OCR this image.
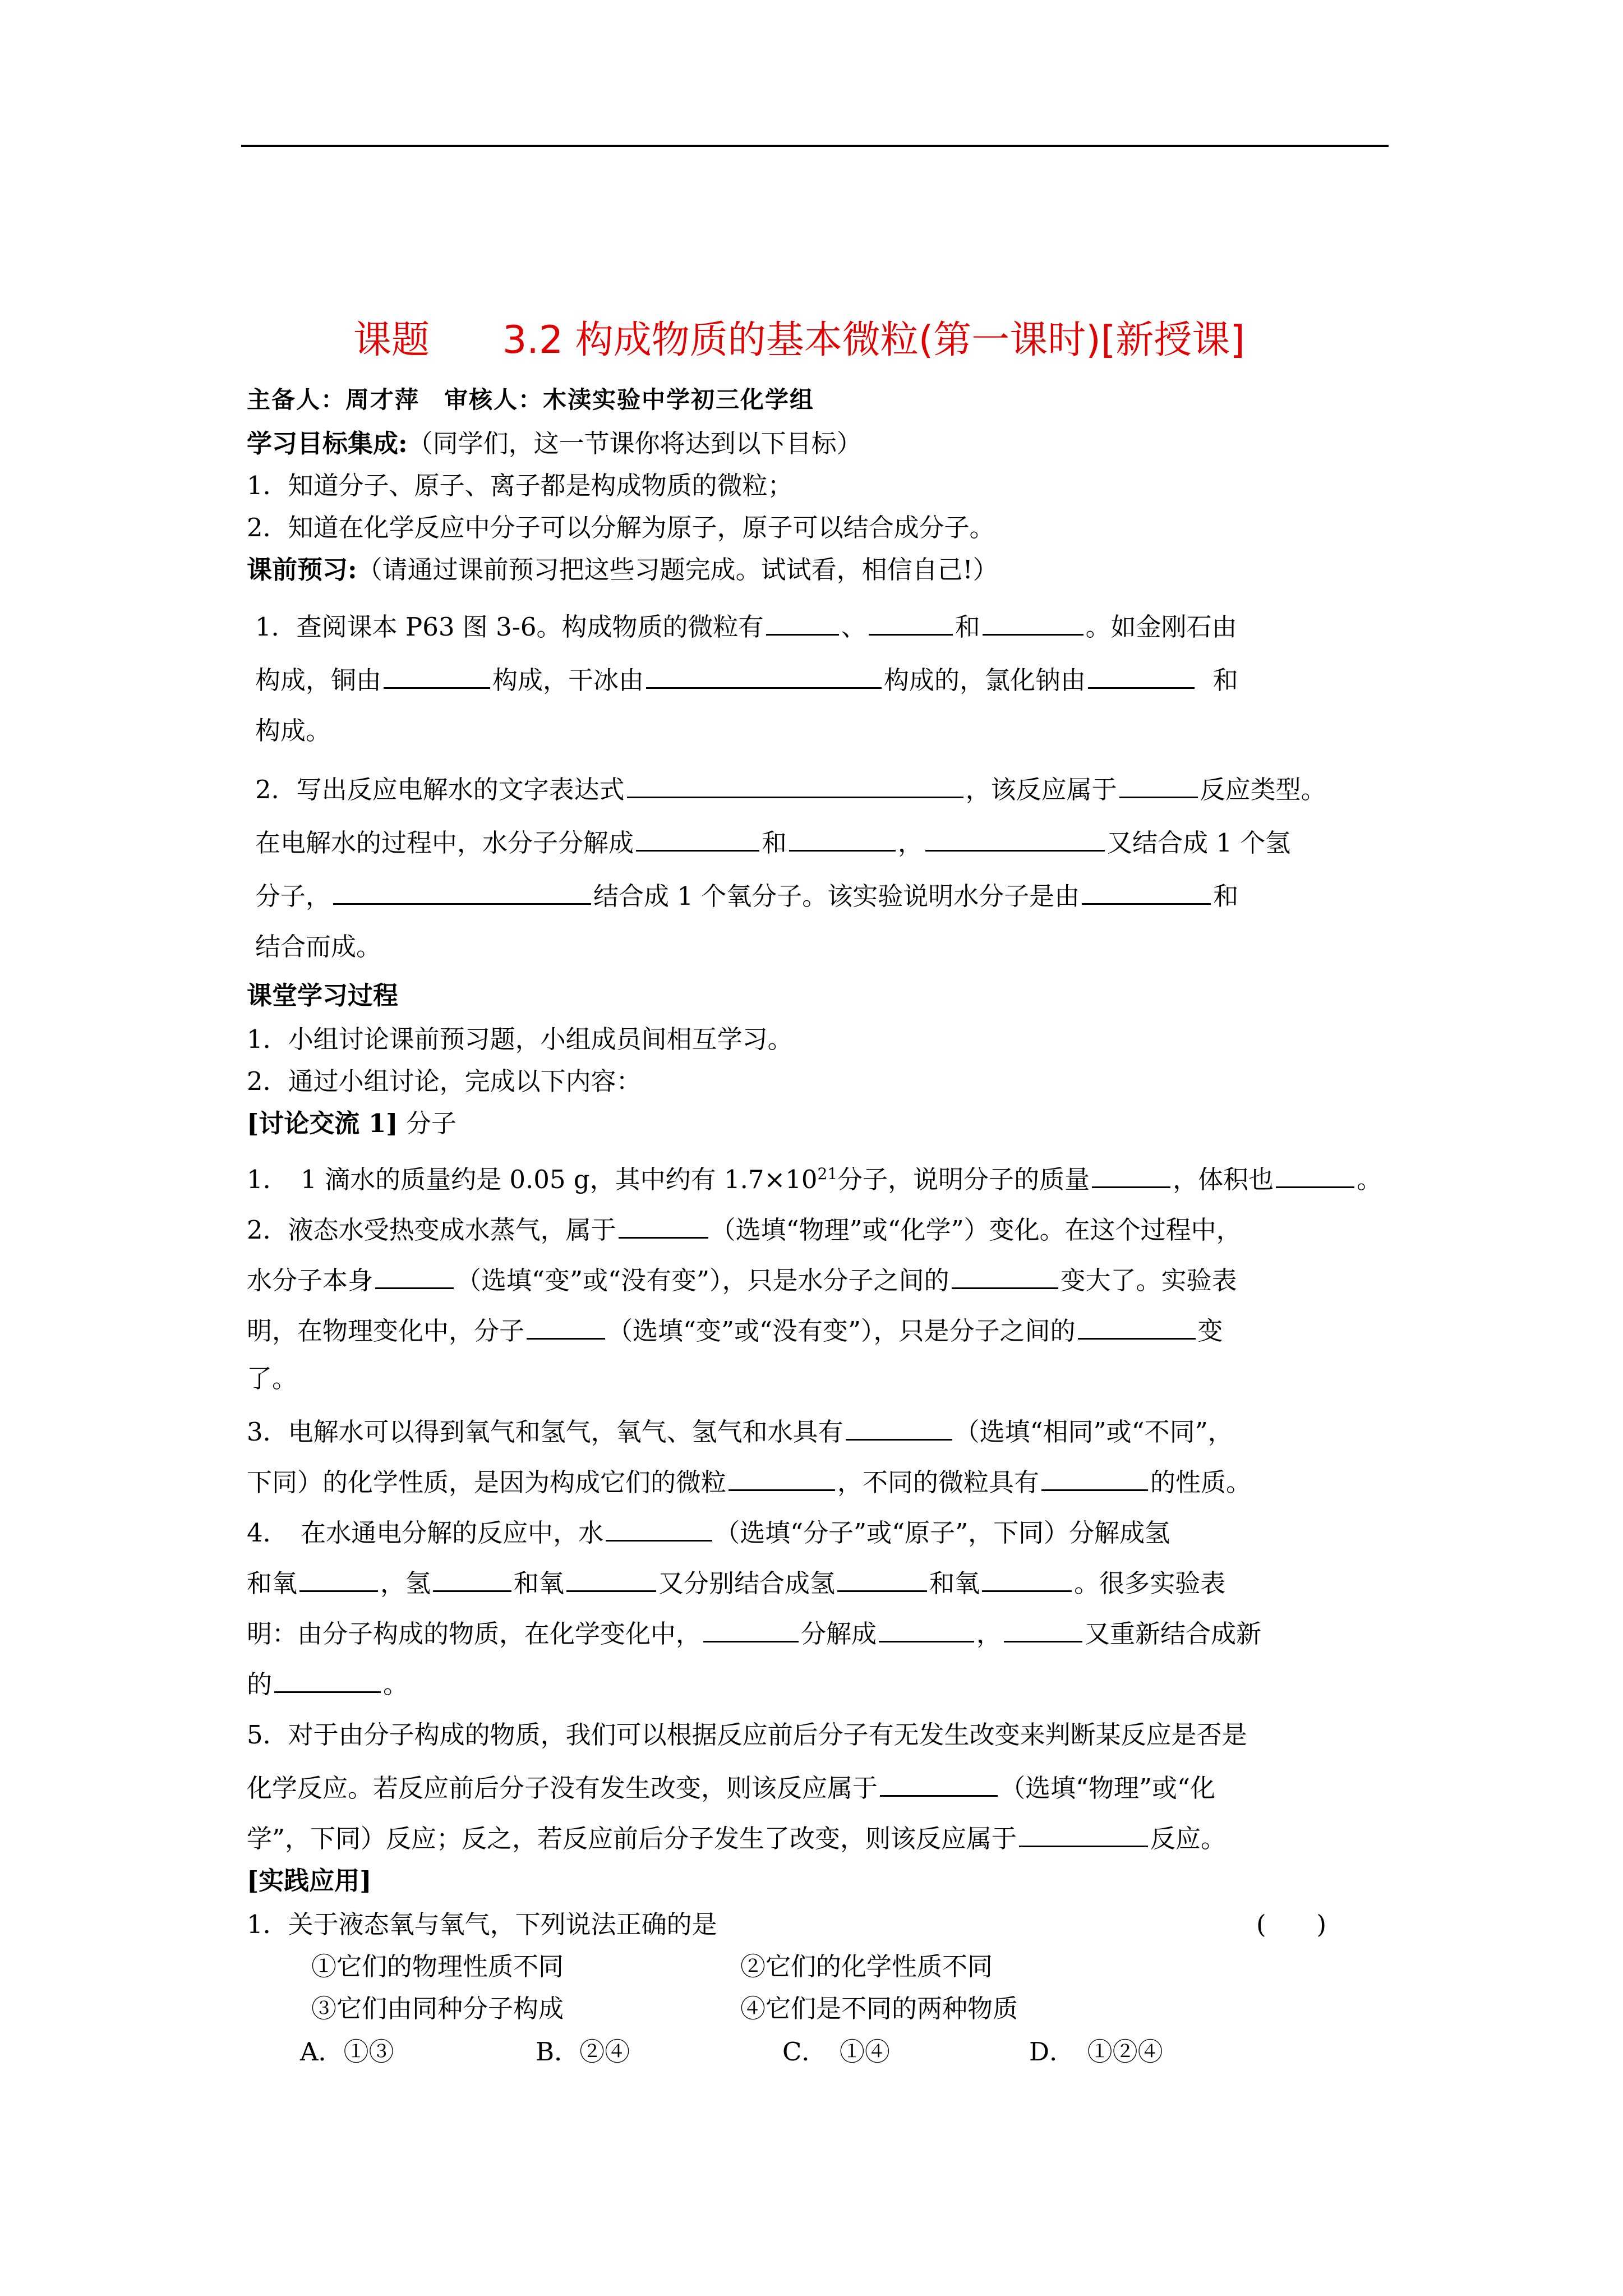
课题 3.2 构成物质的基本微粒(第一课时)[新授课]
主备人：周才萍　审核人：木渎实验中学初三化学组
学习目标集成:（同学们，这一节课你将达到以下目标）
1．知道分子、原子、离子都是构成物质的微粒；
2．知道在化学反应中分子可以分解为原子，原子可以结合成分子。
课前预习:（请通过课前预习把这些习题完成。试试看，相信自己!）
1．查阅课本 P63 图 3-6。构成物质的微粒有	、	和	。如金刚石由
构成，铜由	构成，干冰由	构成的，氯化钠由	和
构成。
2．写出反应电解水的文字表达式	，该反应属于	反应类型。
在电解水的过程中，水分子分解成	和	，	又结合成 1 个氢
分子，	结合成 1 个氧分子。该实验说明水分子是由	和
结合而成。
课堂学习过程
1．小组讨论课前预习题，小组成员间相互学习。
2．通过小组讨论，完成以下内容：
[讨论交流 1] 分子
1．　1 滴水的质量约是 0.05 g，其中约有 $1.7\times 10^{21}$分子，说明分子的质量	，体积也	。
2．液态水受热变成水蒸气，属于	（选填“物理”或“化学”）变化。在这个过程中，
水分子本身	（选填“变”或“没有变”），只是水分子之间的	变大了。实验表
明，在物理变化中，分子	（选填“变”或“没有变”），只是分子之间的	变
了。
3．电解水可以得到氧气和氢气，氧气、氢气和水具有	（选填“相同”或“不同”，
下同）的化学性质，是因为构成它们的微粒	，不同的微粒具有	的性质。
4．　在水通电分解的反应中，水	（选填“分子”或“原子”，下同）分解成氢
和氧	，氢	和氧	又分别结合成氢	和氧	。很多实验表
明：由分子构成的物质，在化学变化中，	分解成	，	又重新结合成新
的	。
5．对于由分子构成的物质，我们可以根据反应前后分子有无发生改变来判断某反应是否是
化学反应。若反应前后分子没有发生改变，则该反应属于	（选填“物理”或“化
学”，下同）反应；反之，若反应前后分子发生了改变，则该反应属于	反应。
[实践应用]
1．关于液态氧与氧气，下列说法正确的是	(　　)
①它们的物理性质不同	②它们的化学性质不同
③它们由同种分子构成	④它们是不同的两种物质
A．①③	B．②④	C．　①④	D．　①②④
